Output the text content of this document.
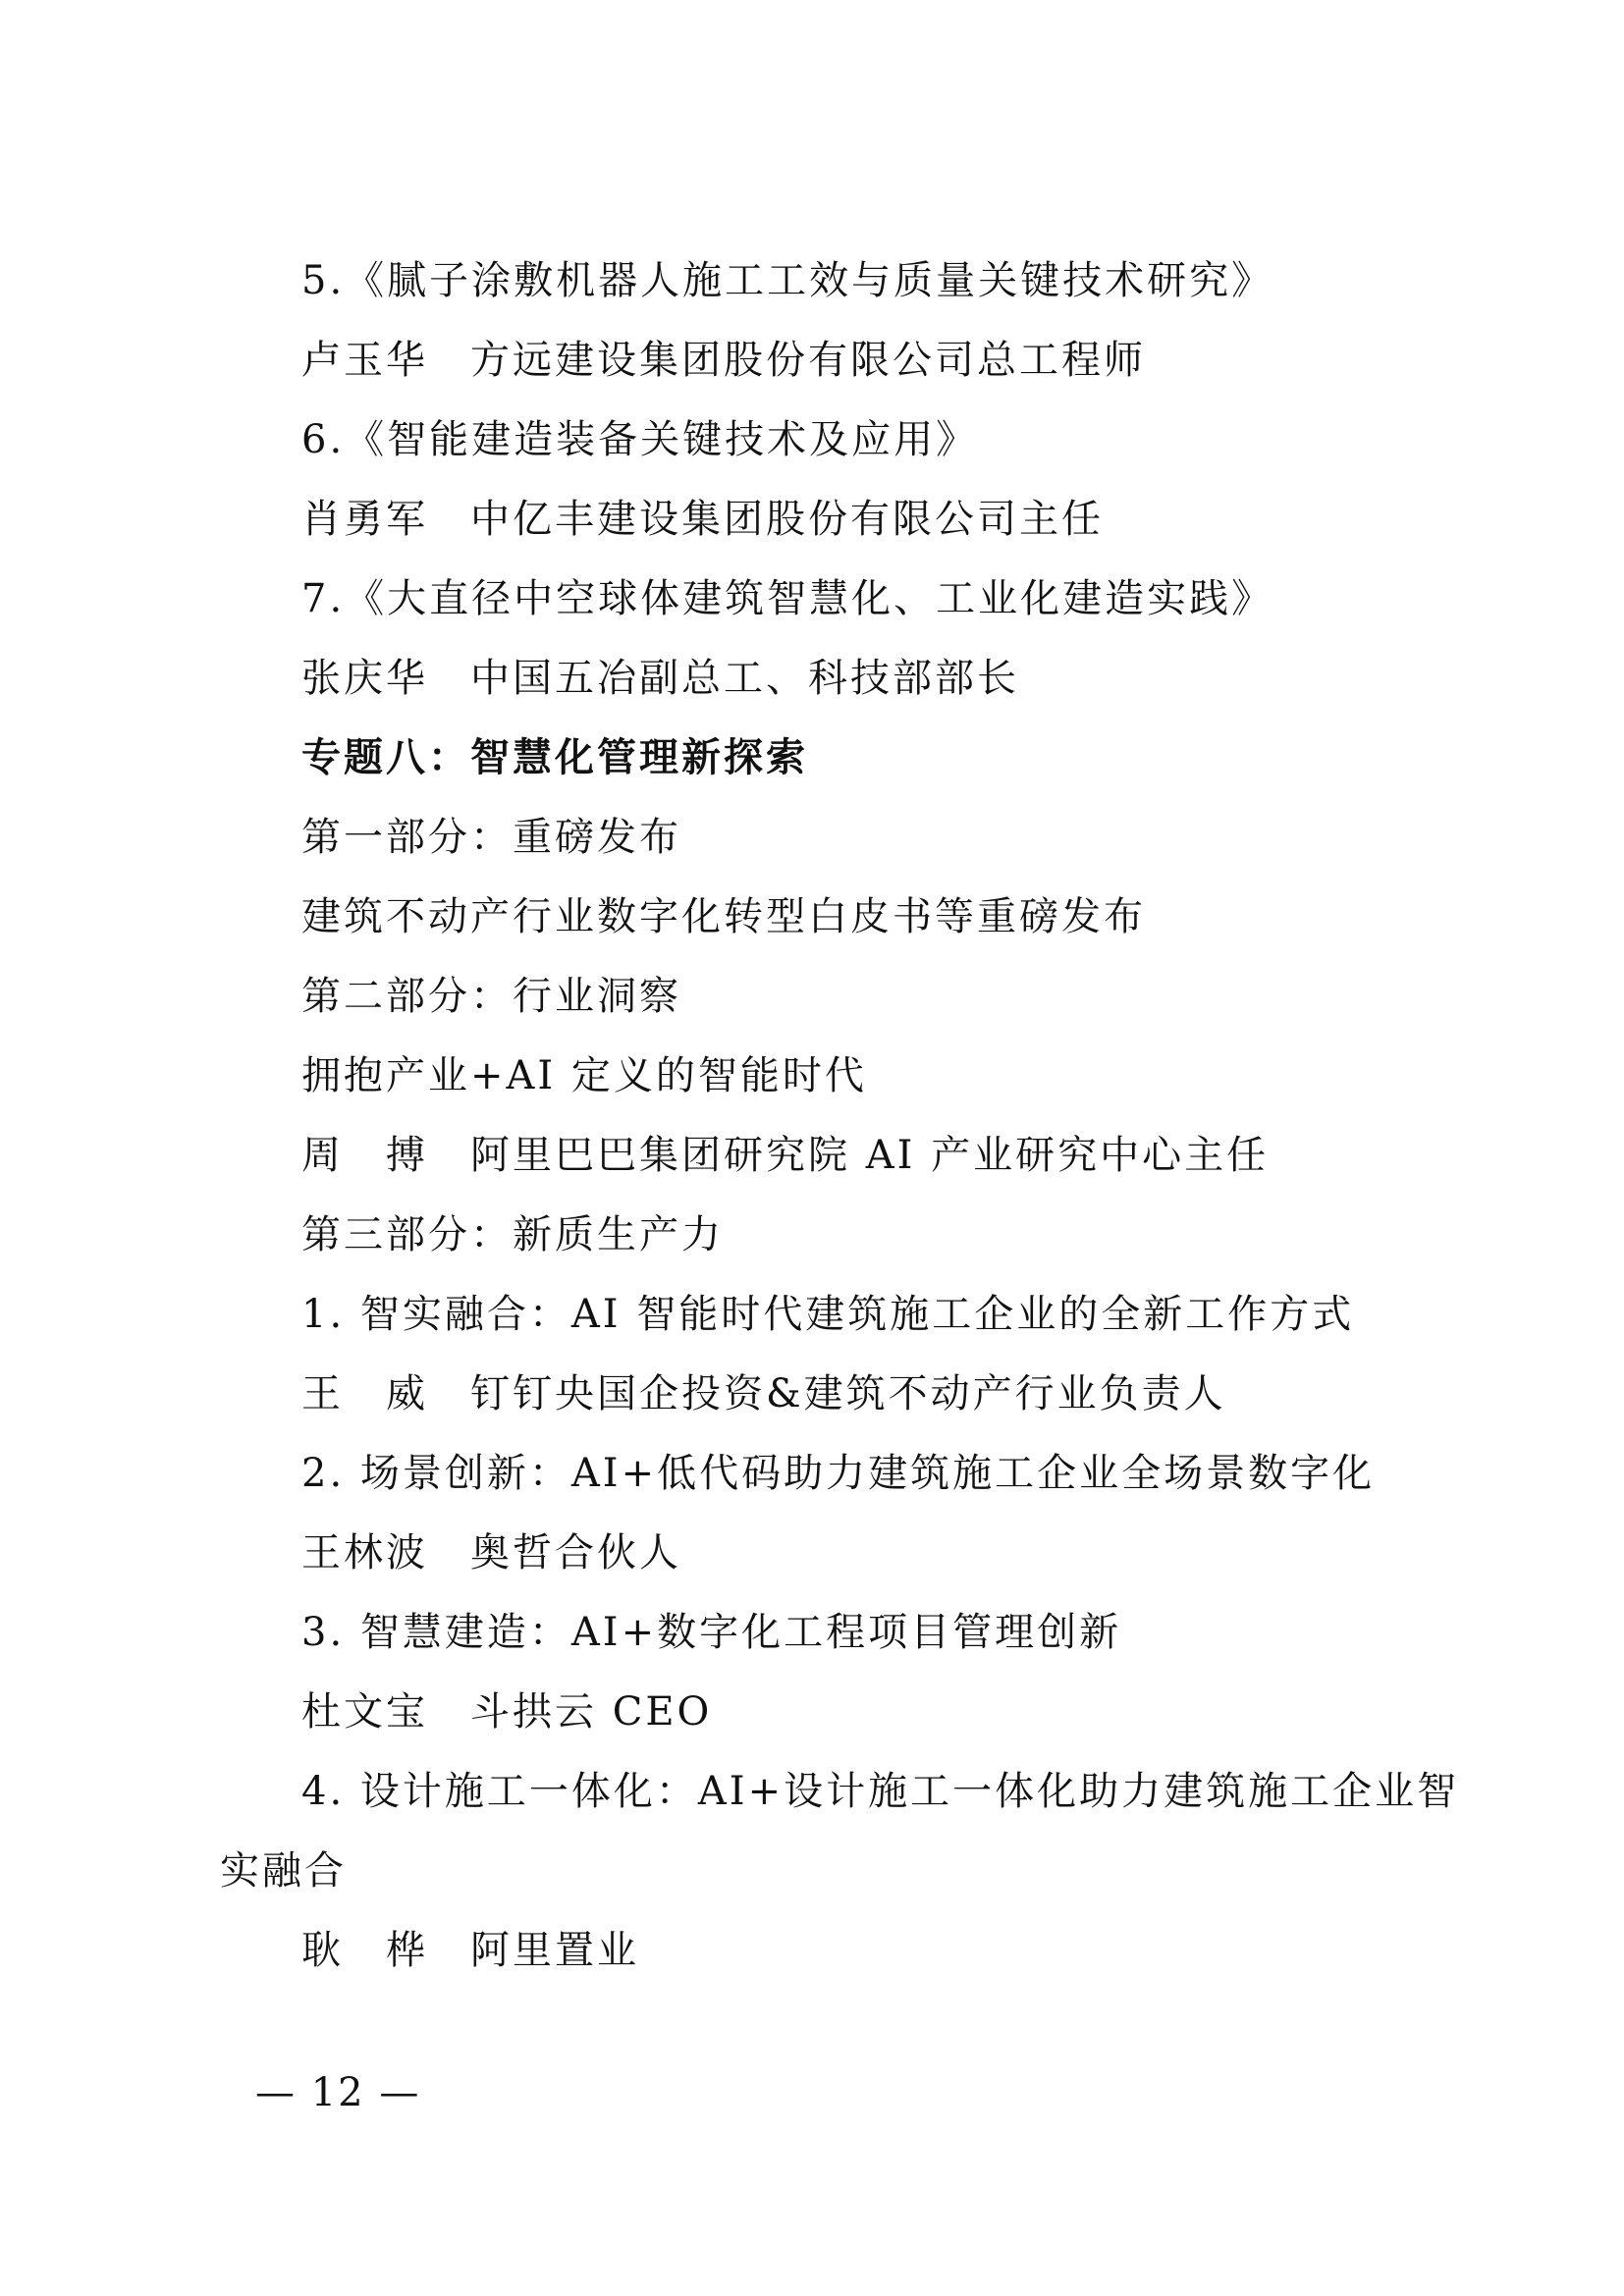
5.《腻子涂敷机器人施工工效与质量关键技术研究》
卢玉华　方远建设集团股份有限公司总工程师
6.《智能建造装备关键技术及应用》
肖勇军　中亿丰建设集团股份有限公司主任
7.《大直径中空球体建筑智慧化、工业化建造实践》
张庆华　中国五冶副总工、科技部部长
专题八：智慧化管理新探索
第一部分：重磅发布
建筑不动产行业数字化转型白皮书等重磅发布
第二部分：行业洞察
拥抱产业+AI 定义的智能时代
周　搏　阿里巴巴集团研究院 AI 产业研究中心主任
第三部分：新质生产力
1. 智实融合：AI 智能时代建筑施工企业的全新工作方式
王　威　钉钉央国企投资&建筑不动产行业负责人
2. 场景创新：AI+低代码助力建筑施工企业全场景数字化
王林波　奥哲合伙人
3. 智慧建造：AI+数字化工程项目管理创新
杜文宝　斗拱云 CEO
4. 设计施工一体化：AI+设计施工一体化助力建筑施工企业智
实融合
耿　桦　阿里置业
— 12 —
